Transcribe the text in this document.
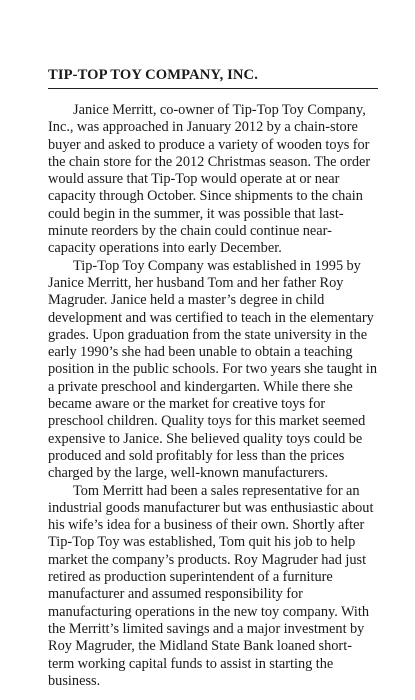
TIP-TOP TOY COMPANY, INC.

Janice Merritt, co-owner of Tip-Top Toy Company, Inc., was approached in January 2012 by a chain-store buyer and asked to produce a variety of wooden toys for the chain store for the 2012 Christmas season. The order would assure that Tip-Top would operate at or near capacity through October. Since shipments to the chain could begin in the summer, it was possible that last-minute reorders by the chain could continue near-capacity operations into early December.

Tip-Top Toy Company was established in 1995 by Janice Merritt, her husband Tom and her father Roy Magruder. Janice held a master’s degree in child development and was certified to teach in the elementary grades. Upon graduation from the state university in the early 1990’s she had been unable to obtain a teaching position in the public schools. For two years she taught in a private preschool and kindergarten. While there she became aware or the market for creative toys for preschool children. Quality toys for this market seemed expensive to Janice. She believed quality toys could be produced and sold profitably for less than the prices charged by the large, well-known manufacturers.

Tom Merritt had been a sales representative for an industrial goods manufacturer but was enthusiastic about his wife’s idea for a business of their own. Shortly after Tip-Top Toy was established, Tom quit his job to help market the company’s products. Roy Magruder had just retired as production superintendent of a furniture manufacturer and assumed responsibility for manufacturing operations in the new toy company. With the Merritt’s limited savings and a major investment by Roy Magruder, the Midland State Bank loaned short-term working capital funds to assist in starting the business.
